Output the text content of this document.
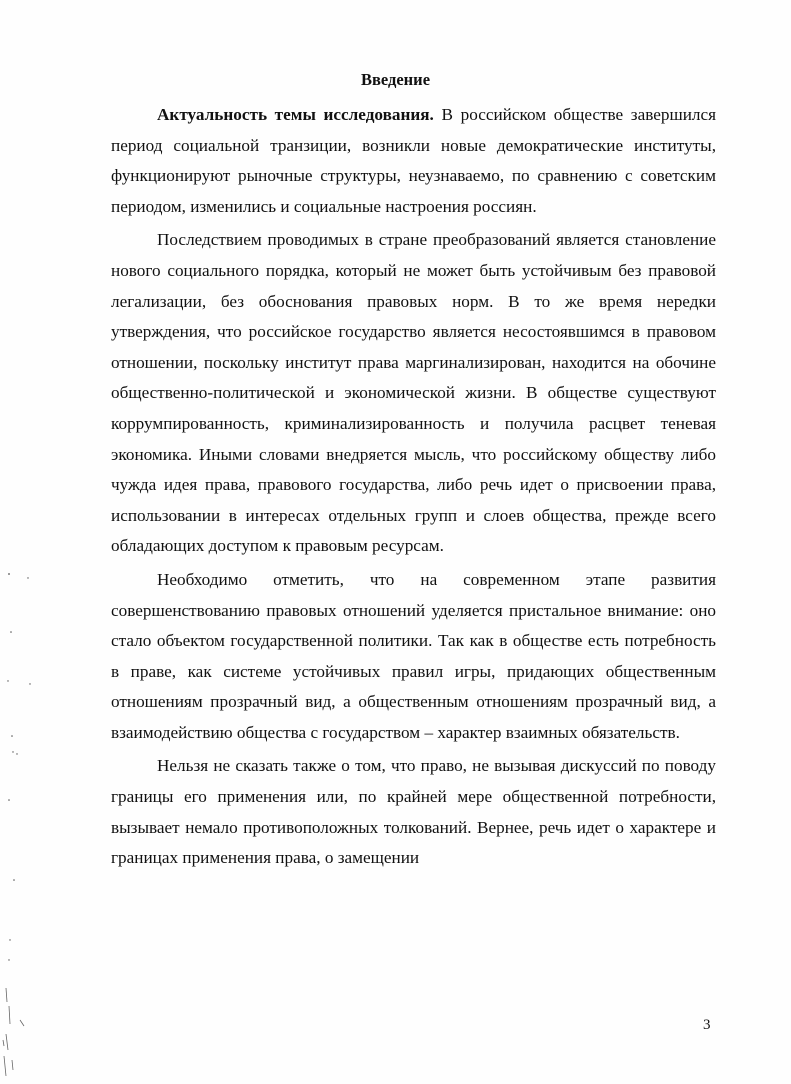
Введение

Актуальность темы исследования. В российском обществе завершился период социальной транзиции, возникли новые демократические институты, функционируют рыночные структуры, неузнаваемо, по сравнению с советским периодом, изменились и социальные настроения россиян.

Последствием проводимых в стране преобразований является становление нового социального порядка, который не может быть устойчивым без правовой легализации, без обоснования правовых норм. В то же время нередки утверждения, что российское государство является несостоявшимся в правовом отношении, поскольку институт права маргинализирован, находится на обочине общественно-политической и экономической жизни. В обществе существуют коррумпированность, криминализированность и получила расцвет теневая экономика. Иными словами внедряется мысль, что российскому обществу либо чужда идея права, правового государства, либо речь идет о присвоении права, использовании в интересах отдельных групп и слоев общества, прежде всего обладающих доступом к правовым ресурсам.

Необходимо отметить, что на современном этапе развития совершенствованию правовых отношений уделяется пристальное внимание: оно стало объектом государственной политики. Так как в обществе есть потребность в праве, как системе устойчивых правил игры, придающих общественным отношениям прозрачный вид, а общественным отношениям прозрачный вид, а взаимодействию общества с государством – характер взаимных обязательств.

Нельзя не сказать также о том, что право, не вызывая дискуссий по поводу границы его применения или, по крайней мере общественной потребности, вызывает немало противоположных толкований. Вернее, речь идет о характере и границах применения права, о замещении

3
